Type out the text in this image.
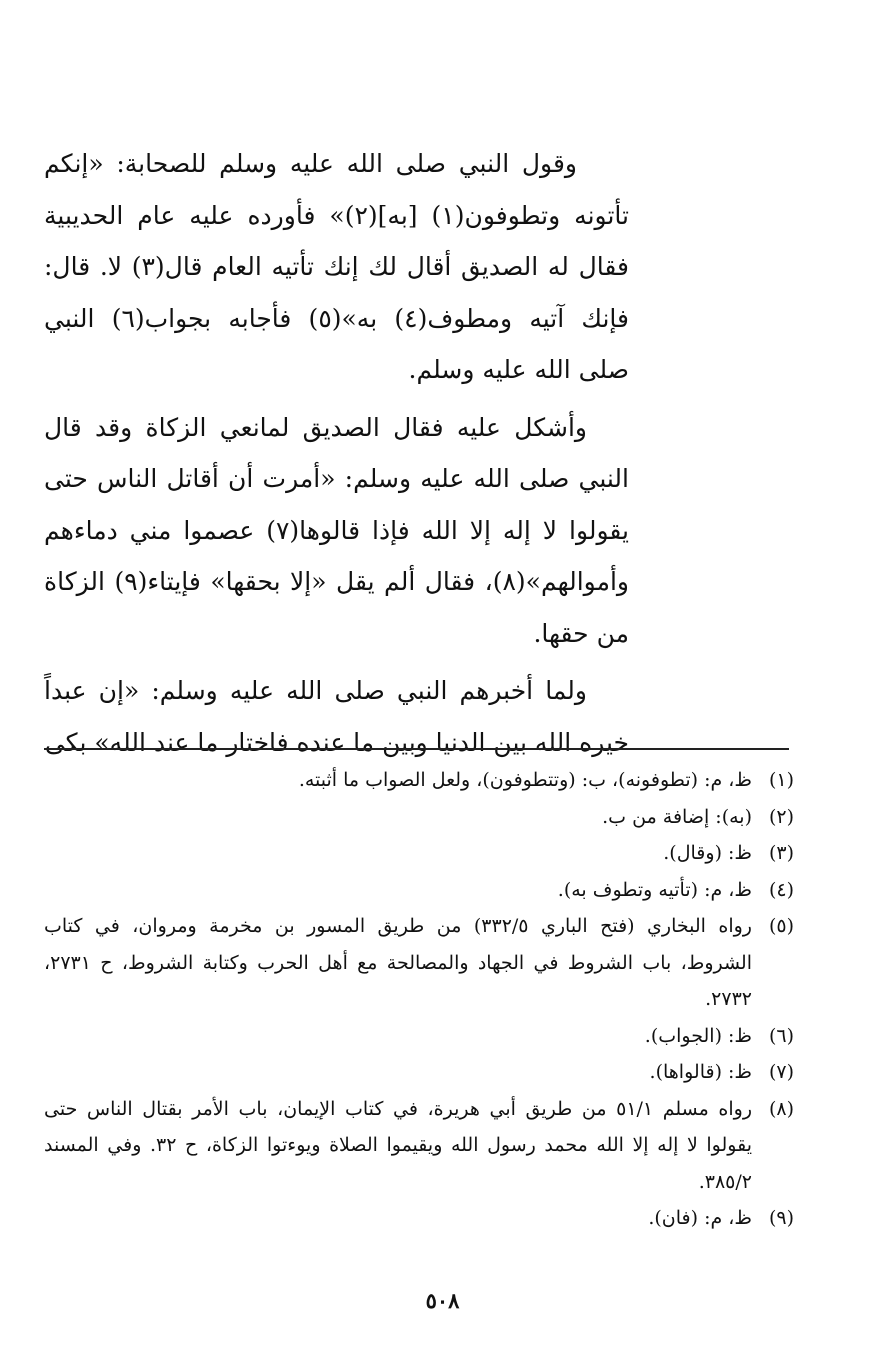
وقول النبي صلى الله عليه وسلم للصحابة: «إنكم تأتونه وتطوفون(١) [به](٢)» فأورده عليه عام الحديبية فقال له الصديق أقال لك إنك تأتيه العام قال(٣) لا. قال: فإنك آتيه ومطوف(٤) به»(٥) فأجابه بجواب(٦) النبي صلى الله عليه وسلم.

وأشكل عليه فقال الصديق لمانعي الزكاة وقد قال النبي صلى الله عليه وسلم: «أمرت أن أقاتل الناس حتى يقولوا لا إله إلا الله فإذا قالوها(٧) عصموا مني دماءهم وأموالهم»(٨)، فقال ألم يقل «إلا بحقها» فإيتاء(٩) الزكاة من حقها.

ولما أخبرهم النبي صلى الله عليه وسلم: «إن عبداً خيره الله بين الدنيا وبين ما عنده فاختار ما عند الله» بكى

(١)
ظ، م: (تطوفونه)، ب: (وتتطوفون)، ولعل الصواب ما أثبته.
(٢)
(به): إضافة من ب.
(٣)
ظ: (وقال).
(٤)
ظ، م: (تأتيه وتطوف به).
(٥)
رواه البخاري (فتح الباري ٣٣٢/٥) من طريق المسور بن مخرمة ومروان، في كتاب الشروط، باب الشروط في الجهاد والمصالحة مع أهل الحرب وكتابة الشروط، ح ٢٧٣١، ٢٧٣٢.
(٦)
ظ: (الجواب).
(٧)
ظ: (قالواها).
(٨)
رواه مسلم ٥١/١ من طريق أبي هريرة، في كتاب الإيمان، باب الأمر بقتال الناس حتى يقولوا لا إله إلا الله محمد رسول الله ويقيموا الصلاة ويوءتوا الزكاة، ح ٣٢. وفي المسند ٣٨٥/٢.
(٩)
ظ، م: (فان).
٥٠٨
